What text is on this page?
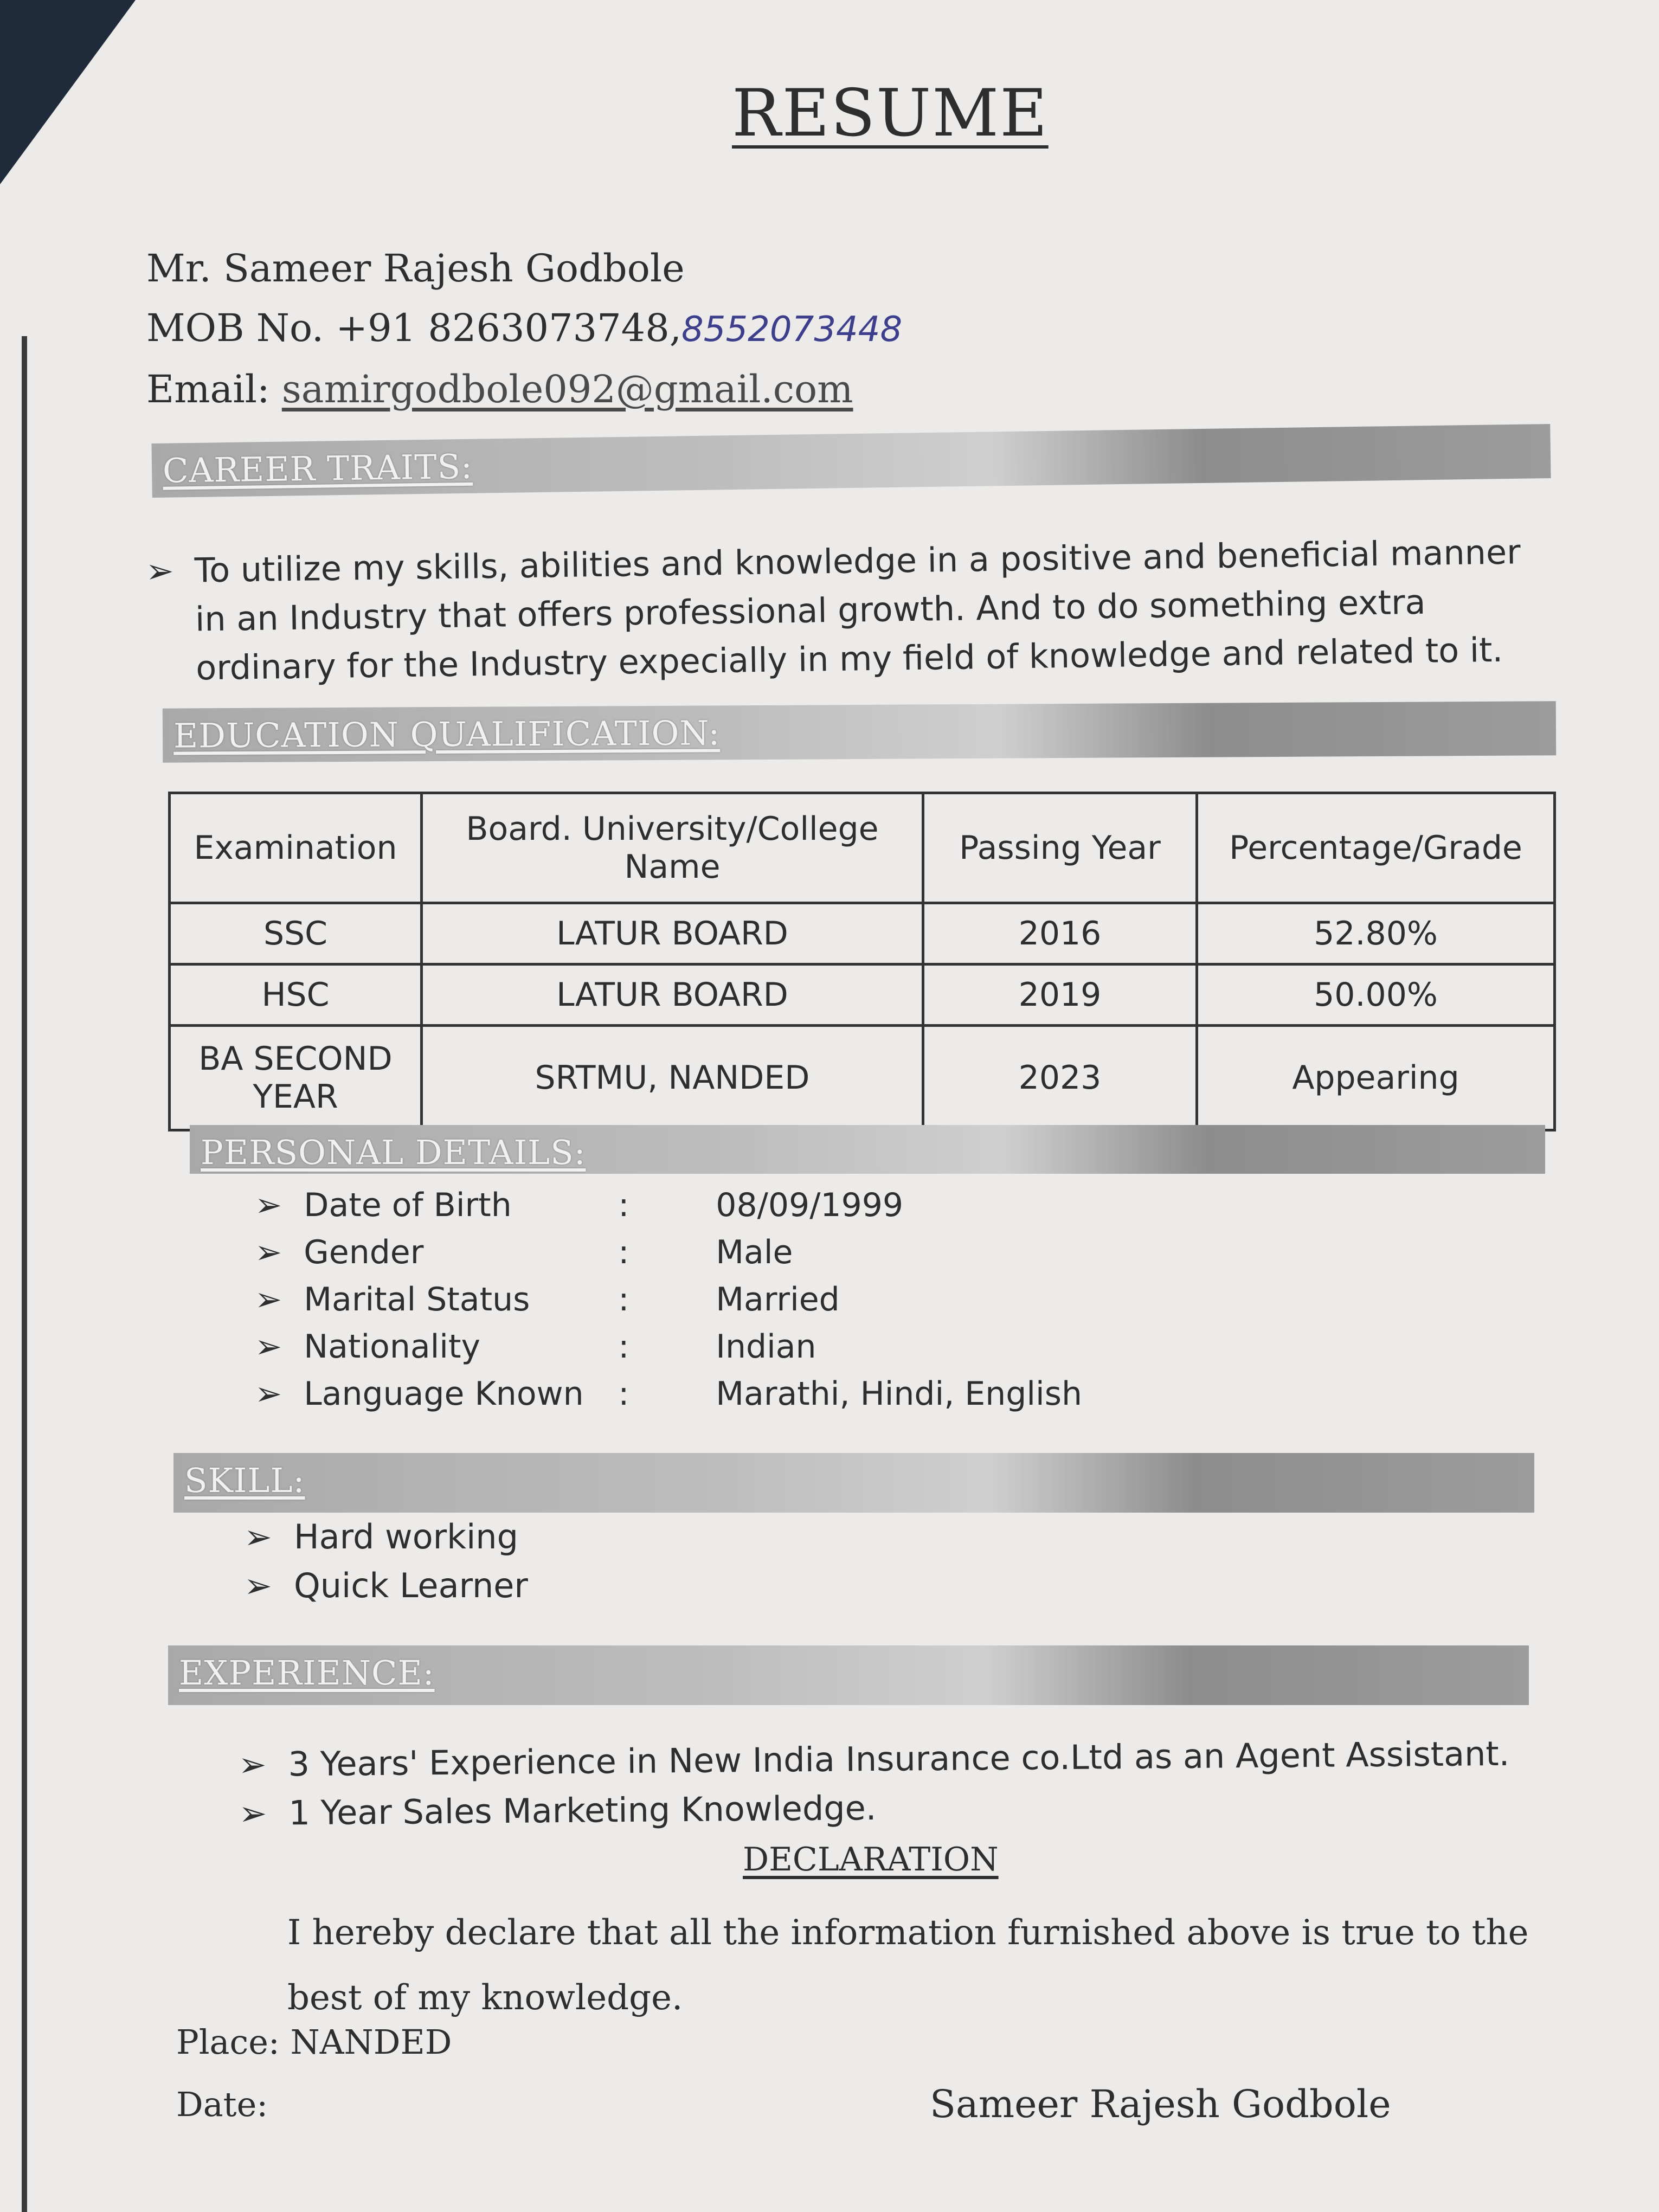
RESUME
Mr. Sameer Rajesh Godbole
MOB No. +91 8263073748,8552073448
Email: samirgodbole092@gmail.com
CAREER TRAITS:
➢ To utilize my skills, abilities and knowledge in a positive and beneficial manner in an Industry that offers professional growth. And to do something extra ordinary for the Industry expecially in my field of knowledge and related to it.
EDUCATION QUALIFICATION:
Examination	Board. University/College Name	Passing Year	Percentage/Grade
SSC	LATUR BOARD	2016	52.80%
HSC	LATUR BOARD	2019	50.00%
BA SECOND YEAR	SRTMU, NANDED	2023	Appearing
PERSONAL DETAILS:
➢ Date of Birth	:	08/09/1999
➢ Gender	:	Male
➢ Marital Status	:	Married
➢ Nationality	:	Indian
➢ Language Known	:	Marathi, Hindi, English
SKILL:
➢ Hard working
➢ Quick Learner
EXPERIENCE:
➢ 3 Years' Experience in New India Insurance co.Ltd as an Agent Assistant.
➢ 1 Year Sales Marketing Knowledge.
DECLARATION
I hereby declare that all the information furnished above is true to the best of my knowledge.
Place: NANDED
Date:	Sameer Rajesh Godbole
